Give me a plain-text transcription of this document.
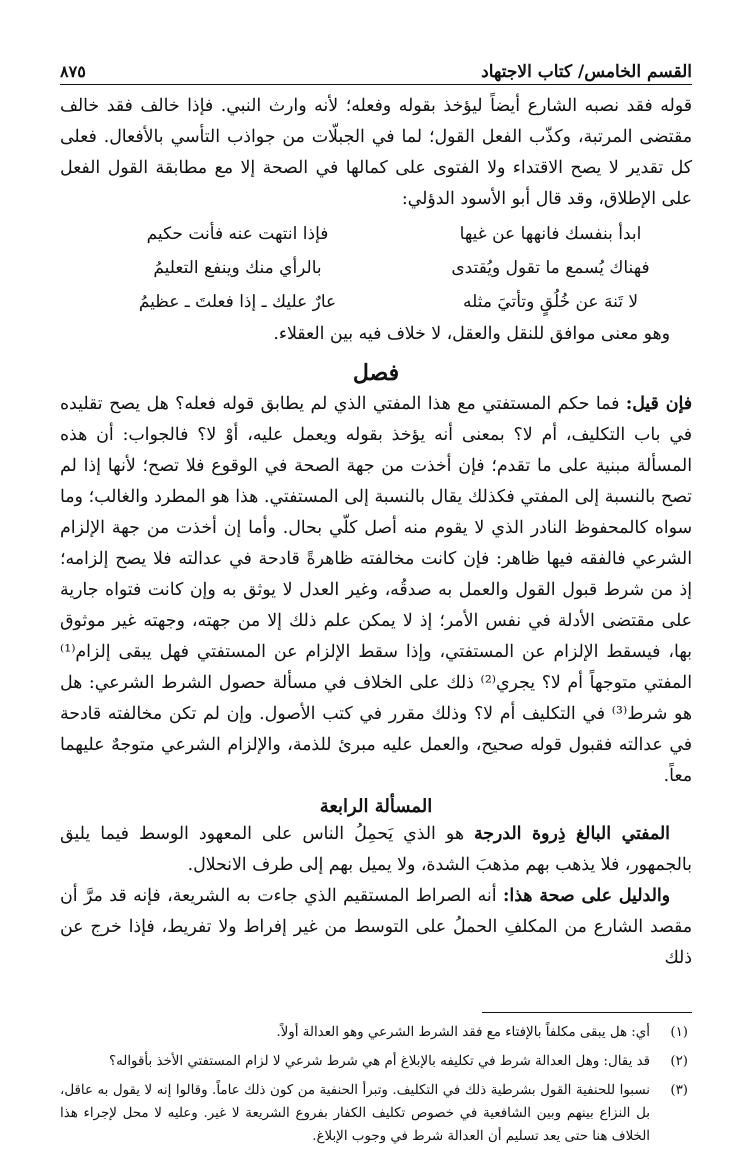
القسم الخامس/ كتاب الاجتهاد
٨٧٥

قوله فقد نصبه الشارع أيضاً ليؤخذ بقوله وفعله؛ لأنه وارث النبي. فإذا خالف فقد خالف مقتضى المرتبة، وكذّب الفعل القول؛ لما في الجبلّات من جواذب التأسي بالأفعال. فعلى كل تقدير لا يصح الاقتداء ولا الفتوى على كمالها في الصحة إلا مع مطابقة القول الفعل على الإطلاق، وقد قال أبو الأسود الدؤلي:

ابدأ بنفسك فانهها عن غيها
فإذا انتهت عنه فأنت حكيم
فهناك يُسمع ما تقول ويُقتدى
بالرأي منك وينفع التعليمُ
لا تَنهَ عن خُلُقٍ وتأتيَ مثله
عارٌ عليك ـ إذا فعلتَ ـ عظيمُ

وهو معنى موافق للنقل والعقل، لا خلاف فيه بين العقلاء.

فصل

فإن قيل: فما حكم المستفتي مع هذا المفتي الذي لم يطابق قوله فعله؟ هل يصح تقليده في باب التكليف، أم لا؟ بمعنى أنه يؤخذ بقوله ويعمل عليه، أوْ لا؟ فالجواب: أن هذه المسألة مبنية على ما تقدم؛ فإن أخذت من جهة الصحة في الوقوع فلا تصح؛ لأنها إذا لم تصح بالنسبة إلى المفتي فكذلك يقال بالنسبة إلى المستفتي. هذا هو المطرد والغالب؛ وما سواه كالمحفوظ النادر الذي لا يقوم منه أصل كلّي بحال. وأما إن أخذت من جهة الإلزام الشرعي فالفقه فيها ظاهر: فإن كانت مخالفته ظاهرةً قادحة في عدالته فلا يصح إلزامه؛ إذ من شرط قبول القول والعمل به صدقُه، وغير العدل لا يوثق به وإن كانت فتواه جارية على مقتضى الأدلة في نفس الأمر؛ إذ لا يمكن علم ذلك إلا من جهته، وجهته غير موثوق بها، فيسقط الإلزام عن المستفتي، وإذا سقط الإلزام عن المستفتي فهل يبقى إلزام⁽¹⁾ المفتي متوجهاً أم لا؟ يجري⁽²⁾ ذلك على الخلاف في مسألة حصول الشرط الشرعي: هل هو شرط⁽³⁾ في التكليف أم لا؟ وذلك مقرر في كتب الأصول. وإن لم تكن مخالفته قادحة في عدالته فقبول قوله صحيح، والعمل عليه مبرئ للذمة، والإلزام الشرعي متوجهٌ عليهما معاً.

المسألة الرابعة

المفتي البالغ ذِروة الدرجة هو الذي يَحمِلُ الناس على المعهود الوسط فيما يليق بالجمهور، فلا يذهب بهم مذهبَ الشدة، ولا يميل بهم إلى طرف الانحلال.

والدليل على صحة هذا: أنه الصراط المستقيم الذي جاءت به الشريعة، فإنه قد مرَّ أن مقصد الشارع من المكلفِ الحملُ على التوسط من غير إفراط ولا تفريط، فإذا خرج عن ذلك

(١)
أي: هل يبقى مكلفاً بالإفتاء مع فقد الشرط الشرعي وهو العدالة أولاً.
(٢)
قد يقال: وهل العدالة شرط في تكليفه بالإبلاغ أم هي شرط شرعي لا لزام المستفتي الأخذ بأقواله؟
(٣)
نسبوا للحنفية القول بشرطية ذلك في التكليف. وتبرأ الحنفية من كون ذلك عاماً. وقالوا إنه لا يقول به عاقل، بل النزاع بينهم وبين الشافعية في خصوص تكليف الكفار بفروع الشريعة لا غير. وعليه لا محل لإجراء هذا الخلاف هنا حتى يعد تسليم أن العدالة شرط في وجوب الإبلاغ.
